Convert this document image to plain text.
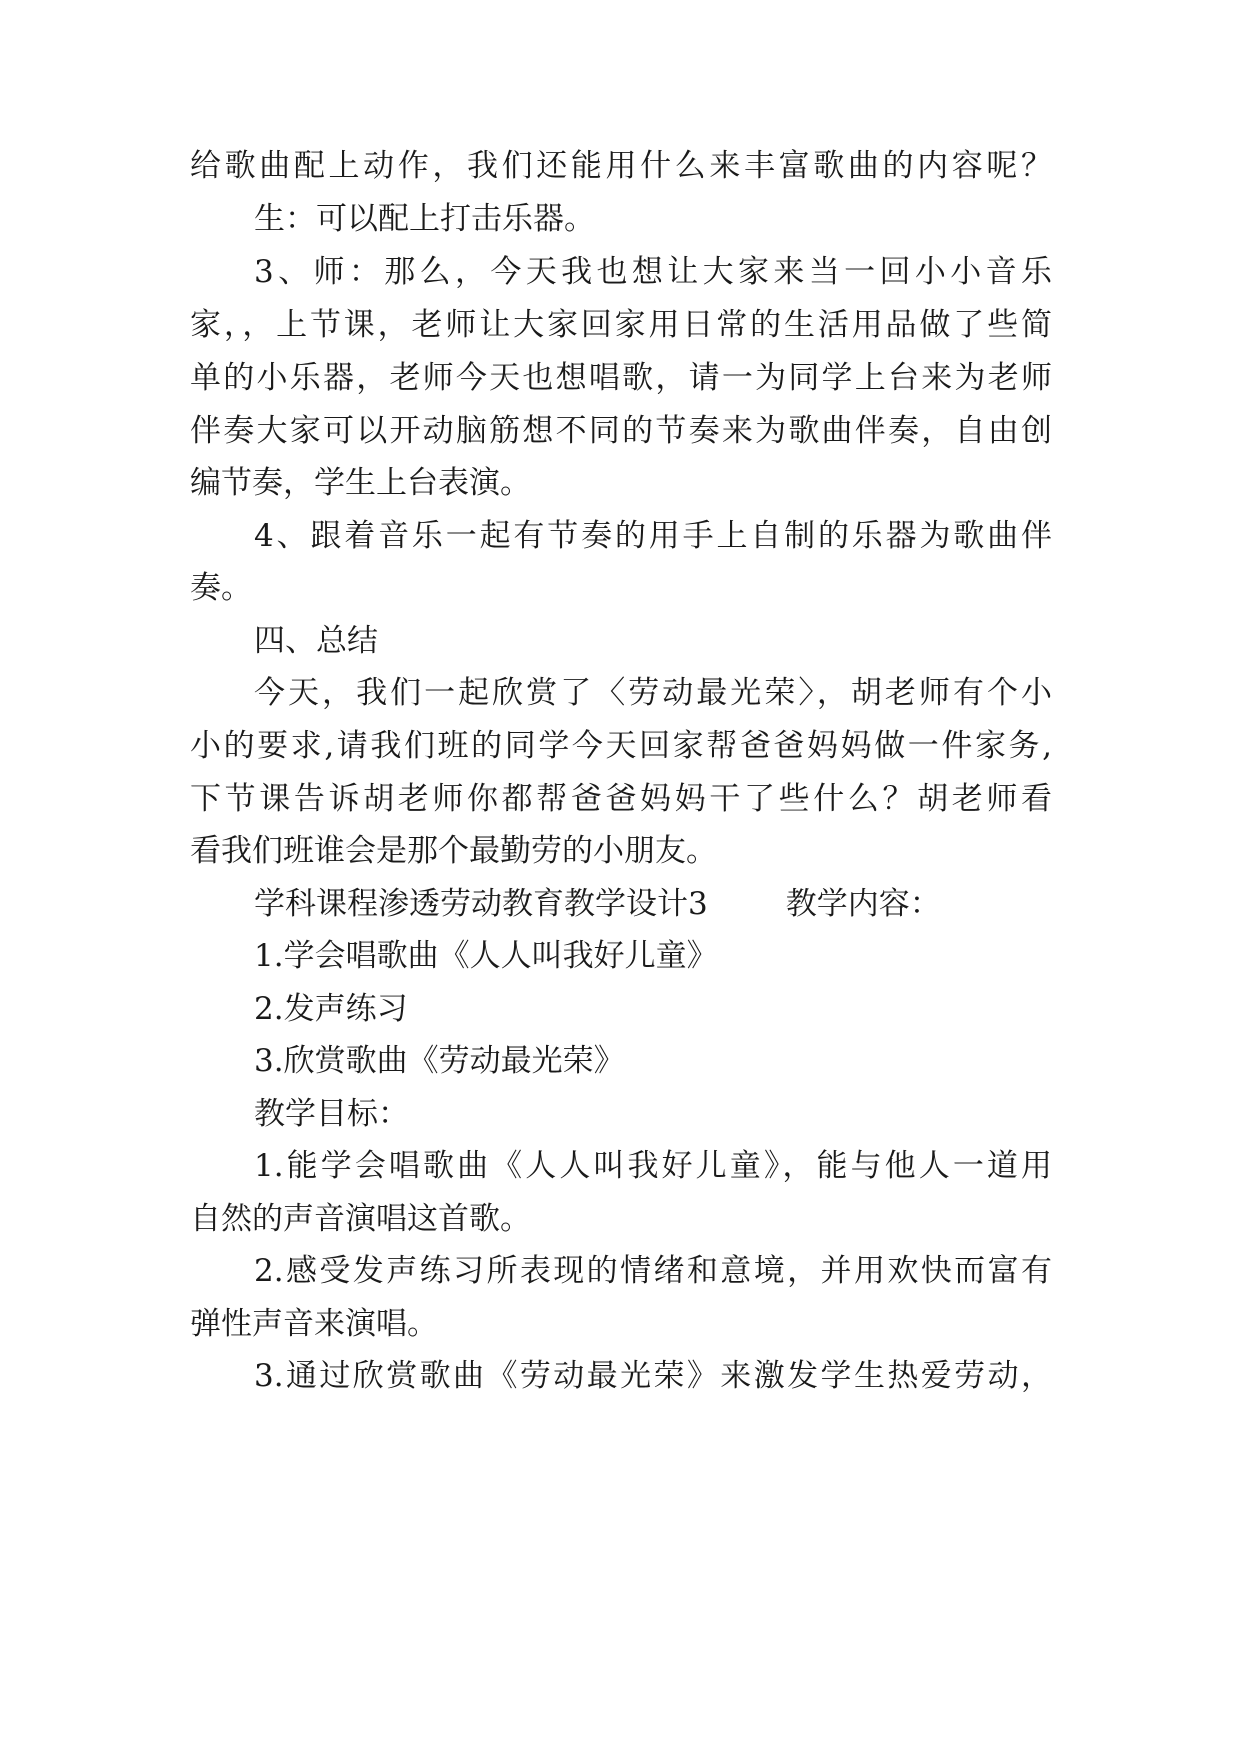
给歌曲配上动作，我们还能用什么来丰富歌曲的内容呢？
生：可以配上打击乐器。
3、师：那么，今天我也想让大家来当一回小小音乐
家，，上节课，老师让大家回家用日常的生活用品做了些简
单的小乐器，老师今天也想唱歌，请一为同学上台来为老师
伴奏大家可以开动脑筋想不同的节奏来为歌曲伴奏，自由创
编节奏，学生上台表演。
4、跟着音乐一起有节奏的用手上自制的乐器为歌曲伴
奏。
四、总结
今天，我们一起欣赏了〈劳动最光荣〉，胡老师有个小
小的要求,请我们班的同学今天回家帮爸爸妈妈做一件家务,
下节课告诉胡老师你都帮爸爸妈妈干了些什么？胡老师看
看我们班谁会是那个最勤劳的小朋友。
学科课程渗透劳动教育教学设计3	教学内容：
1.学会唱歌曲《人人叫我好儿童》
2.发声练习
3.欣赏歌曲《劳动最光荣》
教学目标：
1.能学会唱歌曲《人人叫我好儿童》，能与他人一道用
自然的声音演唱这首歌。
2.感受发声练习所表现的情绪和意境，并用欢快而富有
弹性声音来演唱。
3.通过欣赏歌曲《劳动最光荣》来激发学生热爱劳动，
